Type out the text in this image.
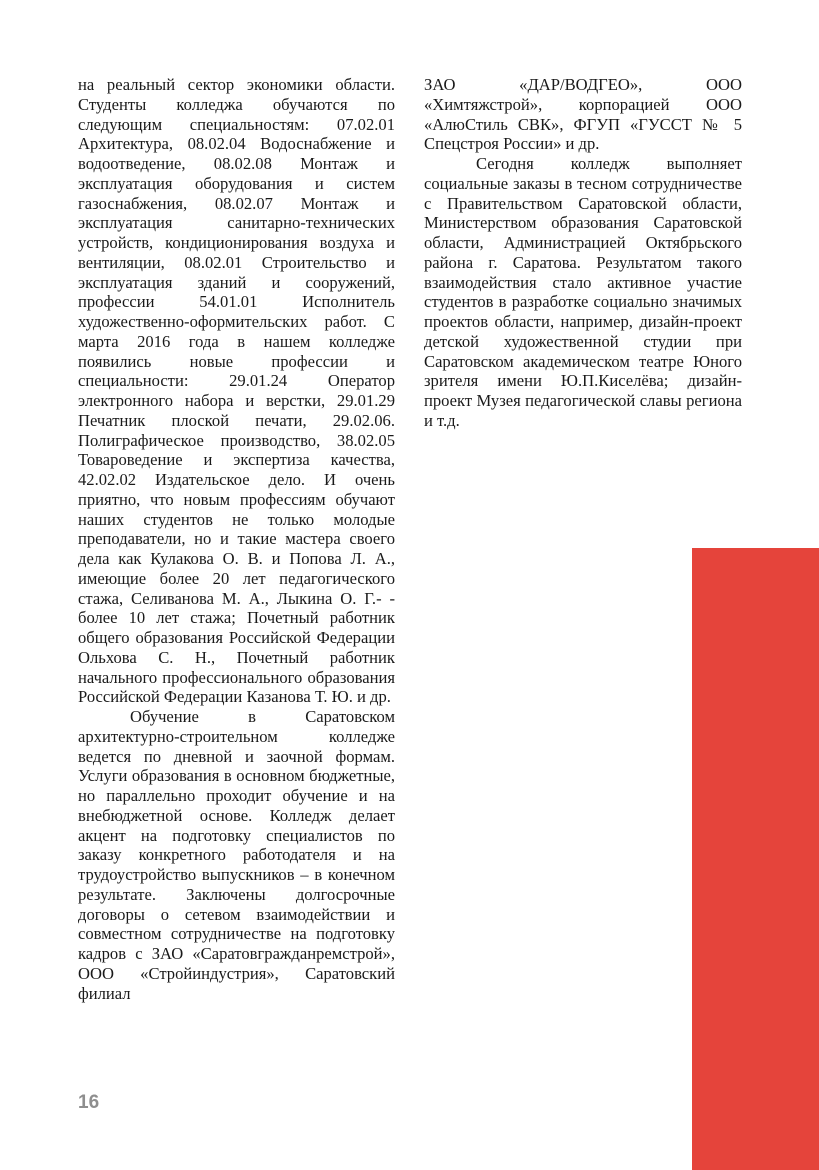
на реальный сектор экономики области. Студенты колледжа обучаются по следующим специальностям: 07.02.01 Архитектура, 08.02.04 Водоснабжение и водоотведение, 08.02.08 Монтаж и эксплуатация оборудования и систем газоснабжения, 08.02.07 Монтаж и эксплуатация санитарно-технических устройств, кондиционирования воздуха и вентиляции, 08.02.01 Строительство и эксплуатация зданий и сооружений, профессии 54.01.01 Исполнитель художественно-оформительских работ. С марта 2016 года в нашем колледже появились новые профессии и специальности: 29.01.24 Оператор электронного набора и верстки, 29.01.29 Печатник плоской печати, 29.02.06. Полиграфическое производство, 38.02.05 Товароведение и экспертиза качества, 42.02.02 Издательское дело. И очень приятно, что новым профессиям обучают наших студентов не только молодые преподаватели, но и такие мастера своего дела как Кулакова О. В. и Попова Л. А., имеющие более 20 лет педагогического стажа, Селиванова М. А., Лыкина О. Г.- - более 10 лет стажа; Почетный работник общего образования Российской Федерации Ольхова С. Н., Почетный работник начального профессионального образования Российской Федерации Казанова Т. Ю. и др.

Обучение в Саратовском архитектурно-строительном колледже ведется по дневной и заочной формам. Услуги образования в основном бюджетные, но параллельно проходит обучение и на внебюджетной основе. Колледж делает акцент на подготовку специалистов по заказу конкретного работодателя и на трудоустройство выпускников – в конечном результате. Заключены долгосрочные договоры о сетевом взаимодействии и совместном сотрудничестве на подготовку кадров с ЗАО «Саратовгражданремстрой», ООО «Стройиндустрия», Саратовский филиал

ЗАО «ДАР/ВОДГЕО», ООО «Химтяжстрой», корпорацией ООО «АлюСтиль СВК», ФГУП «ГУССТ № 5 Спецстроя России» и др.

Сегодня колледж выполняет социальные заказы в тесном сотрудничестве с Правительством Саратовской области, Министерством образования Саратовской области, Администрацией Октябрьского района г. Саратова. Результатом такого взаимодействия стало активное участие студентов в разработке социально значимых проектов области, например, дизайн-проект детской художественной студии при Саратовском академическом театре Юного зрителя имени Ю.П.Киселёва; дизайн-проект Музея педагогической славы региона и т.д.

16
